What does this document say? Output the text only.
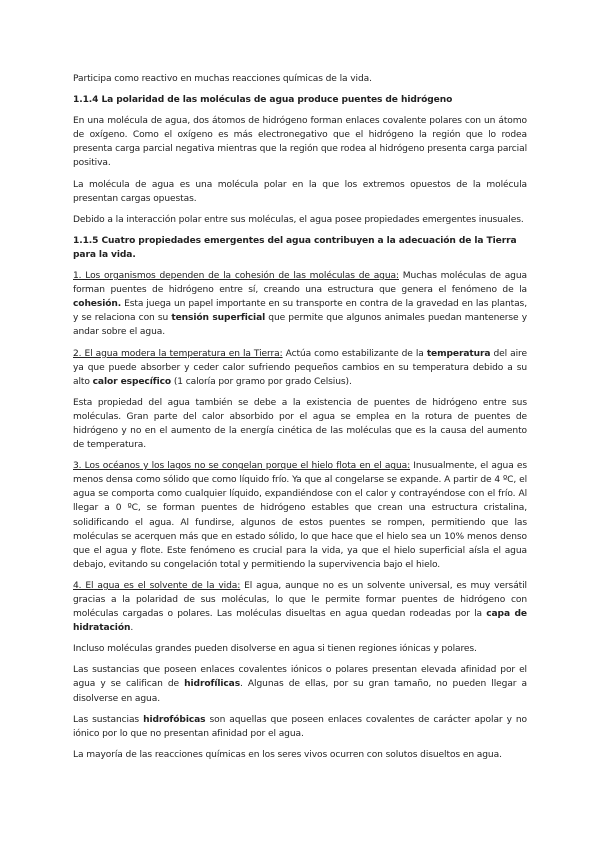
Participa como reactivo en muchas reacciones químicas de la vida.

1.1.4 La polaridad de las moléculas de agua produce puentes de hidrógeno

En una molécula de agua, dos átomos de hidrógeno forman enlaces covalente polares con un átomo de oxígeno. Como el oxígeno es más electronegativo que el hidrógeno la región que lo rodea presenta carga parcial negativa mientras que la región que rodea al hidrógeno presenta carga parcial positiva.

La molécula de agua es una molécula polar en la que los extremos opuestos de la molécula presentan cargas opuestas.

Debido a la interacción polar entre sus moléculas, el agua posee propiedades emergentes inusuales.

1.1.5 Cuatro propiedades emergentes del agua contribuyen a la adecuación de la Tierra para la vida.

1. Los organismos dependen de la cohesión de las moléculas de agua: Muchas moléculas de agua forman puentes de hidrógeno entre sí, creando una estructura que genera el fenómeno de la cohesión. Esta juega un papel importante en su transporte en contra de la gravedad en las plantas, y se relaciona con su tensión superficial que permite que algunos animales puedan mantenerse y andar sobre el agua.

2. El agua modera la temperatura en la Tierra: Actúa como estabilizante de la temperatura del aire ya que puede absorber y ceder calor sufriendo pequeños cambios en su temperatura debido a su alto calor específico (1 caloría por gramo por grado Celsius).

Esta propiedad del agua también se debe a la existencia de puentes de hidrógeno entre sus moléculas. Gran parte del calor absorbido por el agua se emplea en la rotura de puentes de hidrógeno y no en el aumento de la energía cinética de las moléculas que es la causa del aumento de temperatura.

3. Los océanos y los lagos no se congelan porque el hielo flota en el agua: Inusualmente, el agua es menos densa como sólido que como líquido frío. Ya que al congelarse se expande. A partir de 4 ºC, el agua se comporta como cualquier líquido, expandiéndose con el calor y contrayéndose con el frío. Al llegar a 0 ºC, se forman puentes de hidrógeno estables que crean una estructura cristalina, solidificando el agua. Al fundirse, algunos de estos puentes se rompen, permitiendo que las moléculas se acerquen más que en estado sólido, lo que hace que el hielo sea un 10% menos denso que el agua y flote. Este fenómeno es crucial para la vida, ya que el hielo superficial aísla el agua debajo, evitando su congelación total y permitiendo la supervivencia bajo el hielo.

4. El agua es el solvente de la vida: El agua, aunque no es un solvente universal, es muy versátil gracias a la polaridad de sus moléculas, lo que le permite formar puentes de hidrógeno con moléculas cargadas o polares. Las moléculas disueltas en agua quedan rodeadas por la capa de hidratación.

Incluso moléculas grandes pueden disolverse en agua si tienen regiones iónicas y polares.

Las sustancias que poseen enlaces covalentes iónicos o polares presentan elevada afinidad por el agua y se califican de hidrofílicas. Algunas de ellas, por su gran tamaño, no pueden llegar a disolverse en agua.

Las sustancias hidrofóbicas son aquellas que poseen enlaces covalentes de carácter apolar y no iónico por lo que no presentan afinidad por el agua.

La mayoría de las reacciones químicas en los seres vivos ocurren con solutos disueltos en agua.
